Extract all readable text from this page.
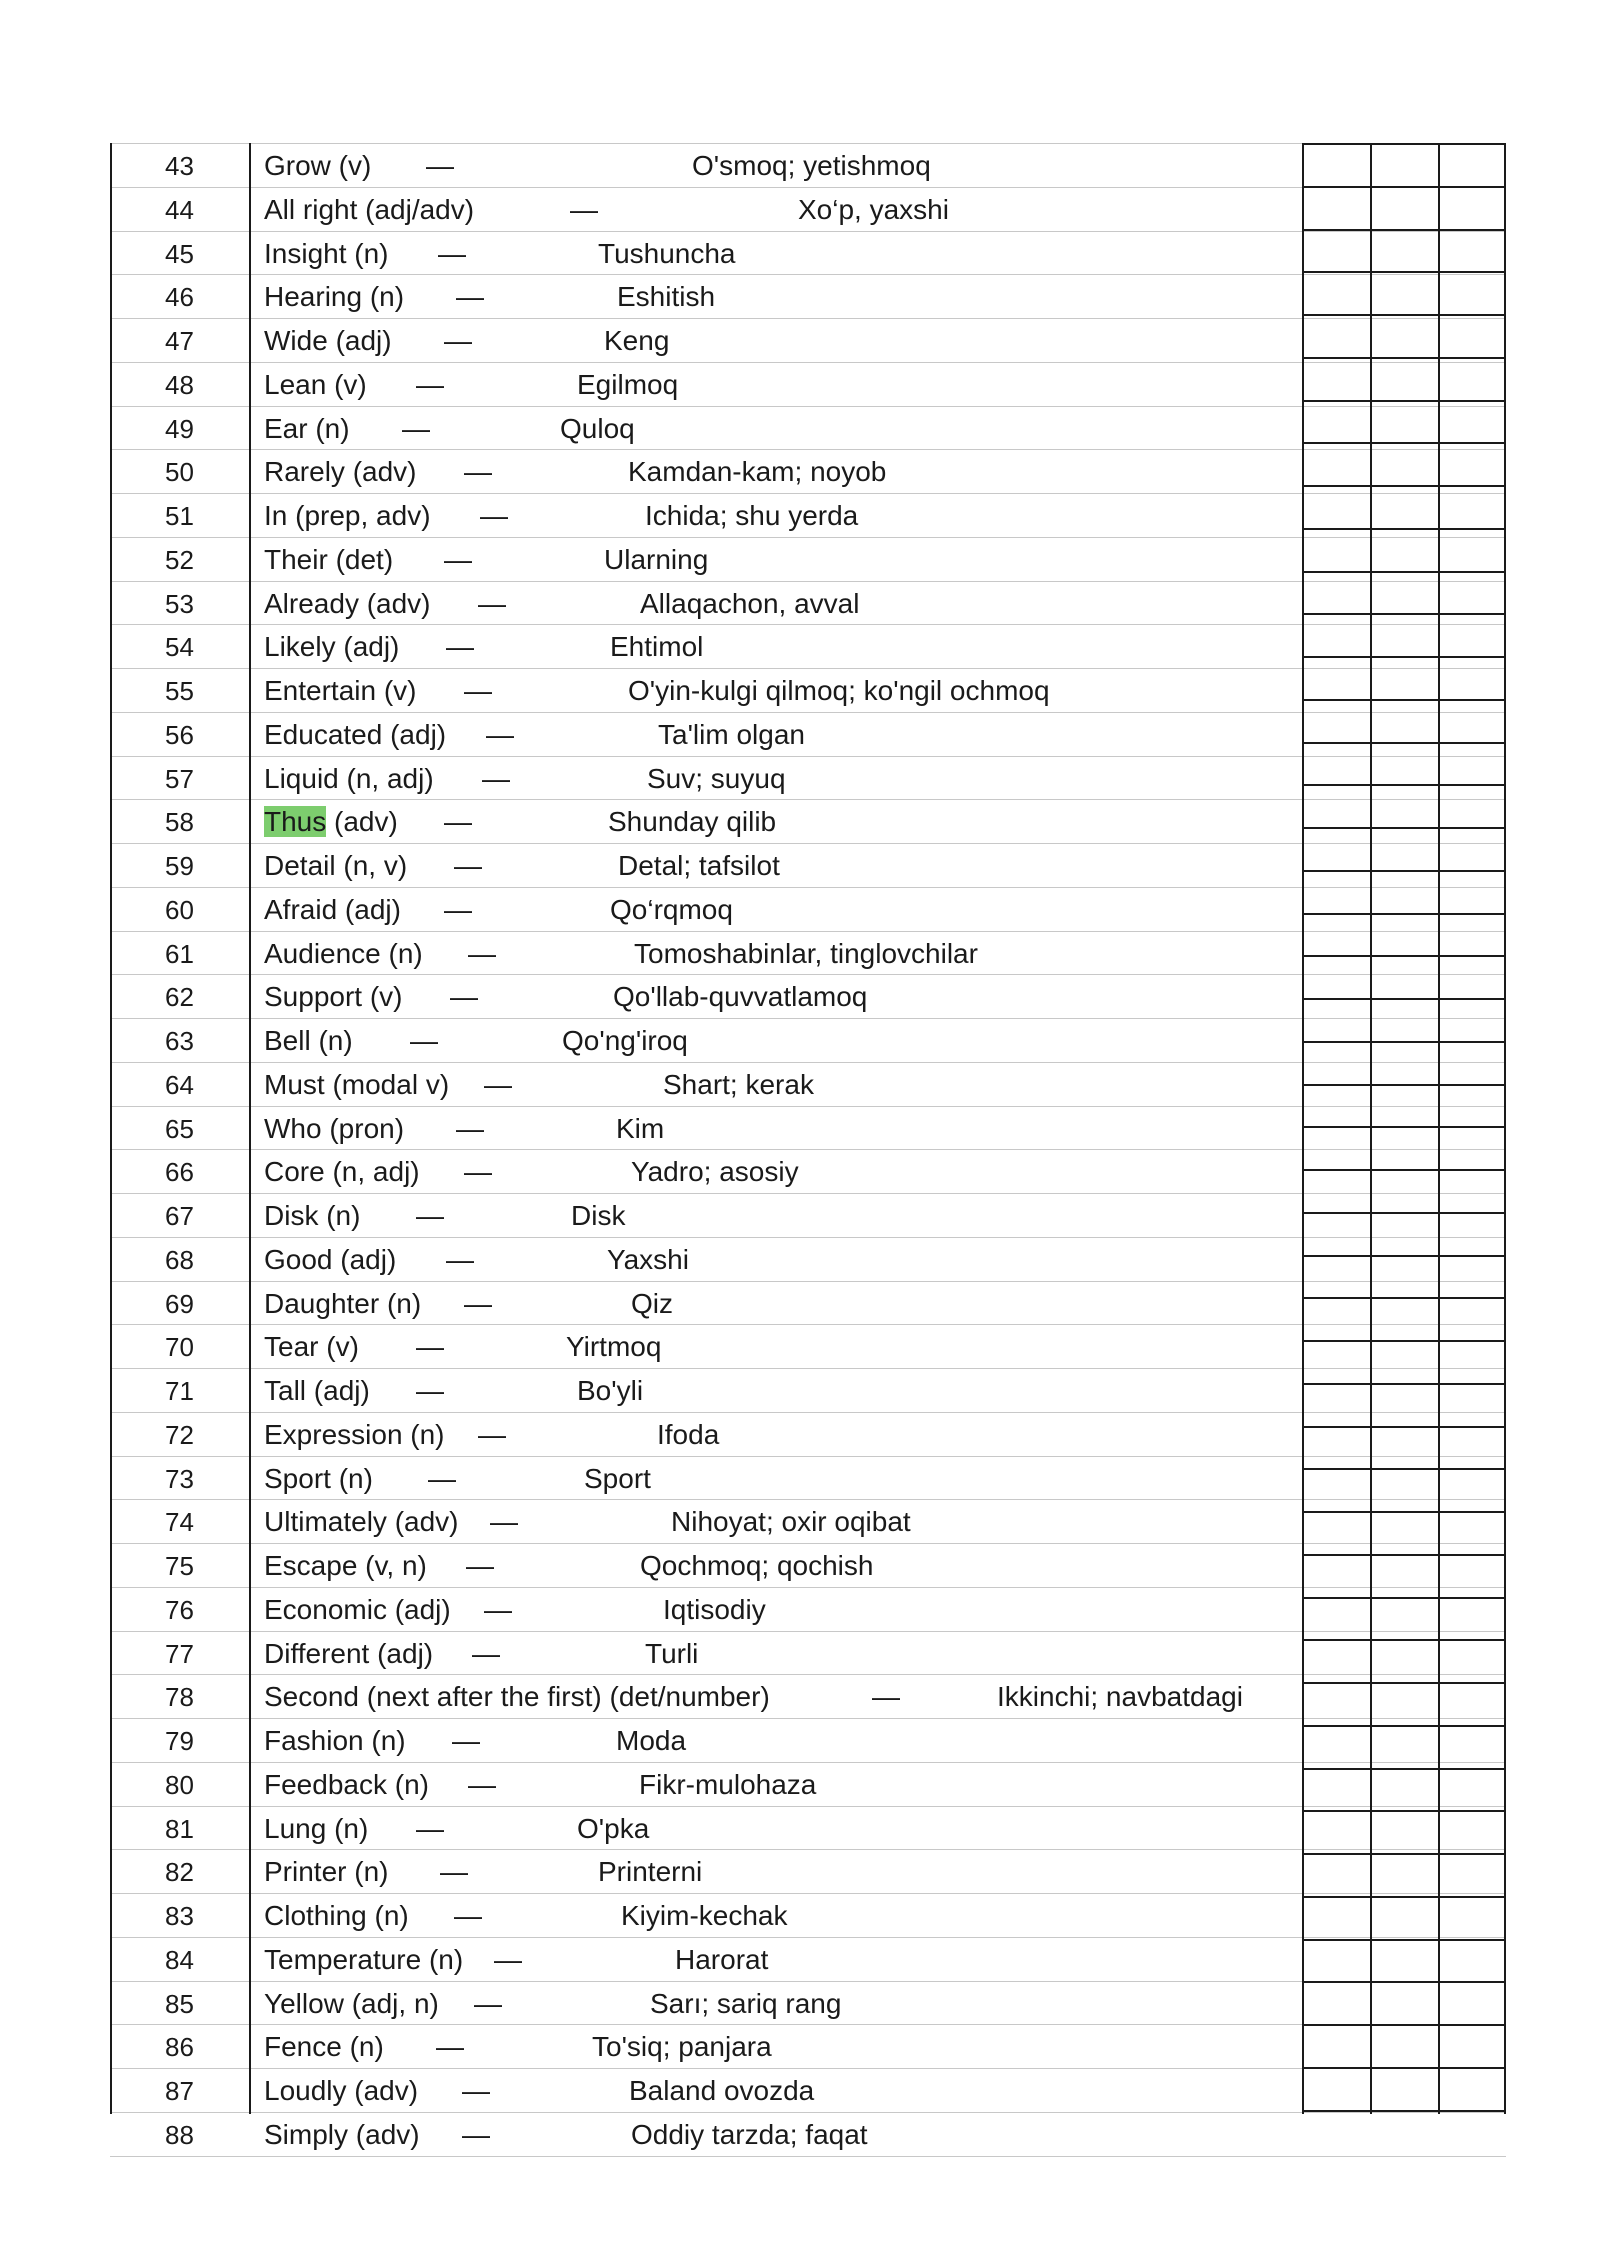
43	Grow (v) —	O'smoq; yetishmoq
44	All right (adj/adv)	—	Xo‘p, yaxshi
45	Insight (n) —	Tushuncha
46	Hearing (n) —	Eshitish
47	Wide (adj) —	Keng
48	Lean (v) —	Egilmoq
49	Ear (n) —	Quloq
50	Rarely (adv) —	Kamdan-kam; noyob
51	In (prep, adv) —	Ichida; shu yerda
52	Their (det) —	Ularning
53	Already (adv) —	Allaqachon, avval
54	Likely (adj) —	Ehtimol
55	Entertain (v) —	O'yin-kulgi qilmoq; ko'ngil ochmoq
56	Educated (adj) —	Ta'lim olgan
57	Liquid (n, adj) —	Suv; suyuq
58	Thus (adv) —	Shunday qilib
59	Detail (n, v) —	Detal; tafsilot
60	Afraid (adj) —	Qo‘rqmoq
61	Audience (n) —	Tomoshabinlar, tinglovchilar
62	Support (v) —	Qo'llab-quvvatlamoq
63	Bell (n) —	Qo'ng'iroq
64	Must (modal v) —	Shart; kerak
65	Who (pron) —	Kim
66	Core (n, adj) —	Yadro; asosiy
67	Disk (n) —	Disk
68	Good (adj) —	Yaxshi
69	Daughter (n) —	Qiz
70	Tear (v) —	Yirtmoq
71	Tall (adj) —	Bo'yli
72	Expression (n) —	Ifoda
73	Sport (n) —	Sport
74	Ultimately (adv) —	Nihoyat; oxir oqibat
75	Escape (v, n) —	Qochmoq; qochish
76	Economic (adj) —	Iqtisodiy
77	Different (adj) —	Turli
78	Second (next after the first) (det/number)	—	Ikkinchi; navbatdagi
79	Fashion (n) —	Moda
80	Feedback (n) —	Fikr-mulohaza
81	Lung (n) —	O'pka
82	Printer (n) —	Printerni
83	Clothing (n) —	Kiyim-kechak
84	Temperature (n) —	Harorat
85	Yellow (adj, n) —	Sarı; sariq rang
86	Fence (n) —	To'siq; panjara
87	Loudly (adv) —	Baland ovozda
88	Simply (adv) —	Oddiy tarzda; faqat
